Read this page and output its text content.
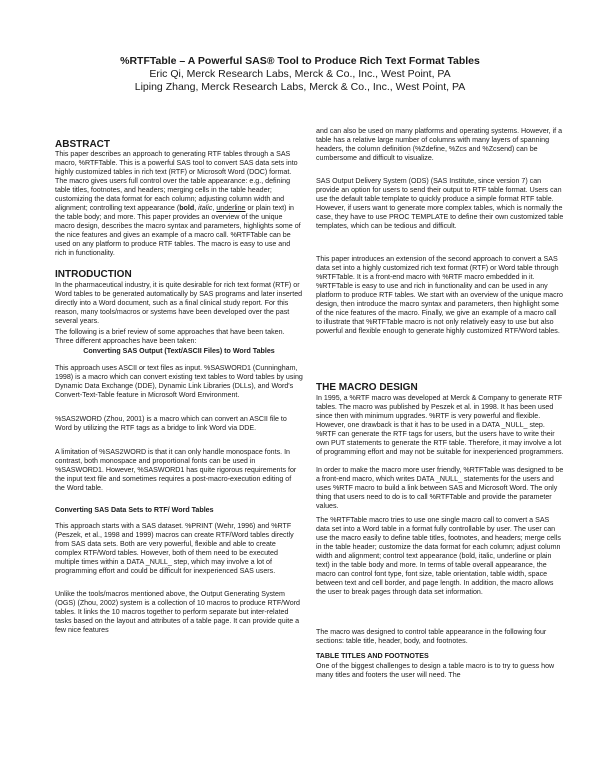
%RTFTable – A Powerful SAS® Tool to Produce Rich Text Format Tables

Eric Qi, Merck Research Labs, Merck & Co., Inc., West Point, PA

Liping Zhang, Merck Research Labs, Merck & Co., Inc., West Point, PA

ABSTRACT

This paper describes an approach to generating RTF tables through a SAS macro, %RTFTable. This is a powerful SAS tool to convert SAS data sets into highly customized tables in rich text (RTF) or Microsoft Word (DOC) format. The macro gives users full control over the table appearance: e.g., defining table titles, footnotes, and headers; merging cells in the table header; customizing the data format for each column; adjusting column width and alignment; controlling text appearance (bold, italic, underline or plain text) in the table body; and more. This paper provides an overview of the unique macro design, describes the macro syntax and parameters, highlights some of the nice features and gives an example of a macro call. %RTFTable can be used on any platform to produce RTF tables. The macro is easy to use and rich in functionality.

INTRODUCTION

In the pharmaceutical industry, it is quite desirable for rich text format (RTF) or Word tables to be generated automatically by SAS programs and later inserted directly into a Word document, such as a final clinical study report. For this reason, many tools/macros or systems have been developed over the past several years.

The following is a brief review of some approaches that have been taken. Three different approaches have been taken:

Converting SAS Output (Text/ASCII Files) to Word Tables

This approach uses ASCII or text files as input. %SASWORD1 (Cunningham, 1998) is a macro which can convert existing text tables to Word tables by using Dynamic Data Exchange (DDE), Dynamic Link Libraries (DLLs), and Word's Convert-Text-Table feature in Microsoft Word Environment.

%SAS2WORD (Zhou, 2001) is a macro which can convert an ASCII file to Word by utilizing the RTF tags as a bridge to link Word via DDE.

A limitation of %SAS2WORD is that it can only handle monospace fonts. In contrast, both monospace and proportional fonts can be used in %SASWORD1. However, %SASWORD1 has quite rigorous requirements for the input text file and sometimes requires a post-macro-execution editing of the Word table.

Converting SAS Data Sets to RTF/ Word Tables

This approach starts with a SAS dataset. %PRINT (Wehr, 1996) and %RTF (Peszek, et al., 1998 and 1999) macros can create RTF/Word tables directly from SAS data sets. Both are very powerful, flexible and able to create complex RTF/Word tables. However, both of them need to be executed multiple times within a DATA _NULL_ step, which may involve a lot of programming effort and could be difficult for inexperienced SAS users.

Unlike the tools/macros mentioned above, the Output Generating System (OGS) (Zhou, 2002) system is a collection of 10 macros to produce RTF/Word tables. It links the 10 macros together to perform separate but inter-related tasks based on the layout and attributes of a table page. It can provide quite a few nice features

and can also be used on many platforms and operating systems. However, if a table has a relative large number of columns with many layers of spanning headers, the column definition (%Zdefine, %Zcs and %Zcsend) can be cumbersome and difficult to visualize.

SAS Output Delivery System (ODS) (SAS Institute, since version 7) can provide an option for users to send their output to RTF table format. Users can use the default table template to quickly produce a simple format RTF table. However, if users want to generate more complex tables, which is normally the case, they have to use PROC TEMPLATE to define their own customized table templates, which can be tedious and difficult.

This paper introduces an extension of the second approach to convert a SAS data set into a highly customized rich text format (RTF) or Word table through %RTFTable. It is a front-end macro with %RTF macro embedded in it. %RTFTable is easy to use and rich in functionality and can be used in any platform to produce RTF tables. We start with an overview of the unique macro design, then introduce the macro syntax and parameters, then highlight some of the nice features of the macro. Finally, we give an example of a macro call to illustrate that %RTFTable macro is not only relatively easy to use but also powerful and flexible enough to generate highly customized RTF/Word tables.

THE MACRO DESIGN

In 1995, a %RTF macro was developed at Merck & Company to generate RTF tables. The macro was published by Peszek et al. in 1998. It has been used since then with minimum upgrades. %RTF is very powerful and flexible. However, one drawback is that it has to be used in a DATA _NULL_ step. %RTF can generate the RTF tags for users, but the users have to write their own PUT statements to generate the RTF table. Therefore, it may involve a lot of programming effort and may not be suitable for inexperienced programmers.

In order to make the macro more user friendly, %RTFTable was designed to be a front-end macro, which writes DATA _NULL_ statements for the users and uses %RTF macro to build a link between SAS and Microsoft Word. The only thing that users need to do is to call %RTFTable and provide the parameter values.

The %RTFTable macro tries to use one single macro call to convert a SAS data set into a Word table in a format fully controllable by user. The user can use the macro easily to define table titles, footnotes, and headers; merge cells in the table header; customize the data format for each column; adjust column width and alignment; control text appearance (bold, italic, underline or plain text) in the table body and more. In terms of table overall appearance, the macro can control font type, font size, table orientation, table width, space between text and cell border, and page length. In addition, the macro allows the user to break pages through data set information.

The macro was designed to control table appearance in the following four sections: table title, header, body, and footnotes.

TABLE TITLES AND FOOTNOTES

One of the biggest challenges to design a table macro is to try to guess how many titles and footers the user will need. The
